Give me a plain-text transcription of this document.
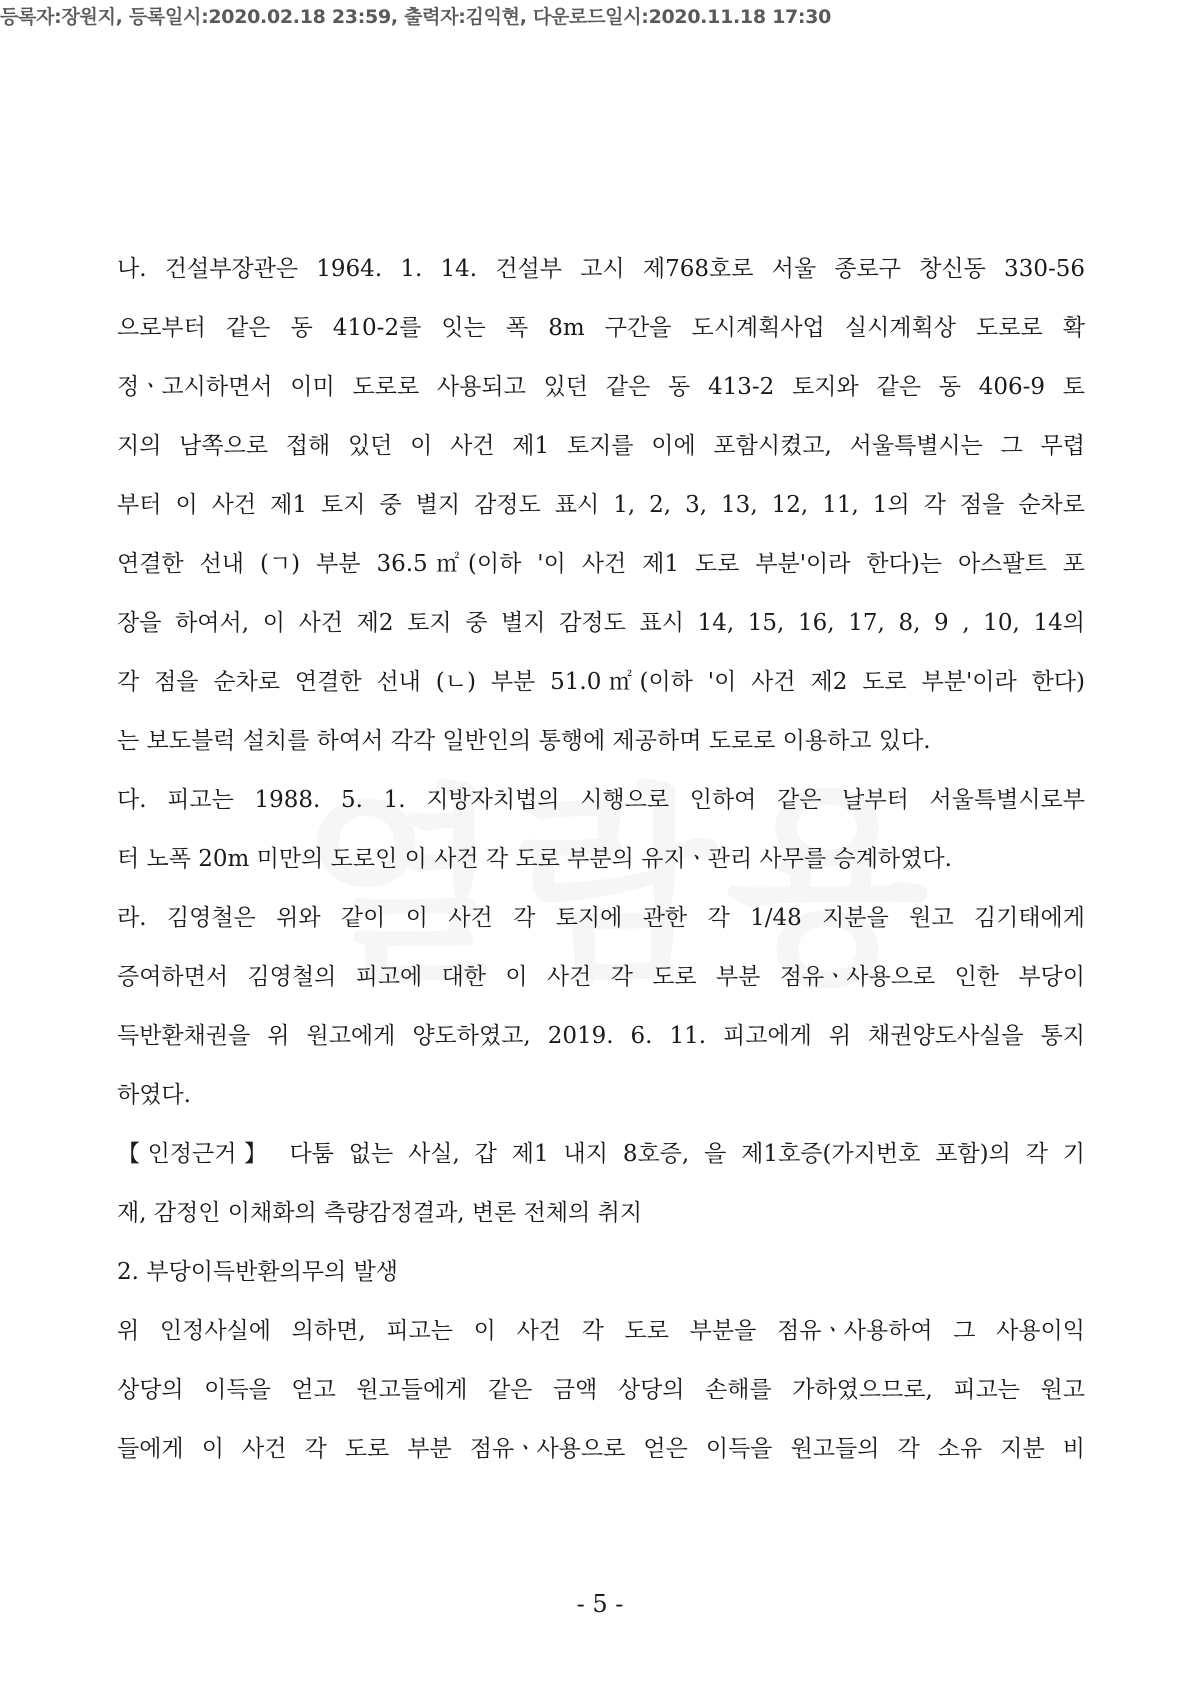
등록자:장원지, 등록일시:2020.02.18 23:59, 출력자:김익현, 다운로드일시:2020.11.18 17:30
나. 건설부장관은 1964. 1. 14. 건설부 고시 제768호로 서울 종로구 창신동 330-56
으로부터 같은 동 410-2를 잇는 폭 8m 구간을 도시계획사업 실시계획상 도로로 확
정ㆍ고시하면서 이미 도로로 사용되고 있던 같은 동 413-2 토지와 같은 동 406-9 토
지의 남쪽으로 접해 있던 이 사건 제1 토지를 이에 포함시켰고, 서울특별시는 그 무렵
부터 이 사건 제1 토지 중 별지 감정도 표시 1, 2, 3, 13, 12, 11, 1의 각 점을 순차로
연결한 선내 (ㄱ) 부분 36.5㎡(이하 '이 사건 제1 도로 부분'이라 한다)는 아스팔트 포
장을 하여서, 이 사건 제2 토지 중 별지 감정도 표시 14, 15, 16, 17, 8, 9 , 10, 14의
각 점을 순차로 연결한 선내 (ㄴ) 부분 51.0㎡(이하 '이 사건 제2 도로 부분'이라 한다)
는 보도블럭 설치를 하여서 각각 일반인의 통행에 제공하며 도로로 이용하고 있다.
다. 피고는 1988. 5. 1. 지방자치법의 시행으로 인하여 같은 날부터 서울특별시로부
터 노폭 20m 미만의 도로인 이 사건 각 도로 부분의 유지ㆍ관리 사무를 승계하였다.
라. 김영철은 위와 같이 이 사건 각 토지에 관한 각 1/48 지분을 원고 김기태에게
증여하면서 김영철의 피고에 대한 이 사건 각 도로 부분 점유ㆍ사용으로 인한 부당이
득반환채권을 위 원고에게 양도하였고, 2019. 6. 11. 피고에게 위 채권양도사실을 통지
하였다.
【인정근거】 다툼 없는 사실, 갑 제1 내지 8호증, 을 제1호증(가지번호 포함)의 각 기
재, 감정인 이채화의 측량감정결과, 변론 전체의 취지
2. 부당이득반환의무의 발생
위 인정사실에 의하면, 피고는 이 사건 각 도로 부분을 점유ㆍ사용하여 그 사용이익
상당의 이득을 얻고 원고들에게 같은 금액 상당의 손해를 가하였으므로, 피고는 원고
들에게 이 사건 각 도로 부분 점유ㆍ사용으로 얻은 이득을 원고들의 각 소유 지분 비
- 5 -
